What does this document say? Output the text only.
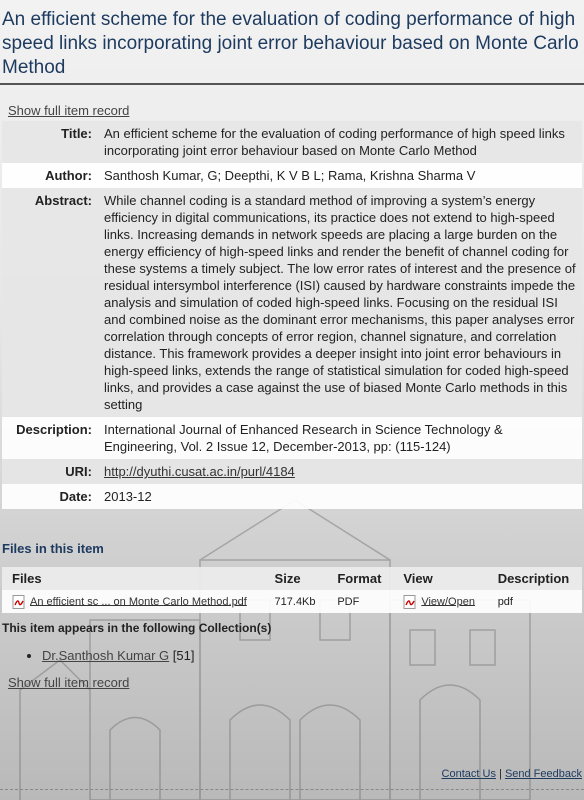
An efficient scheme for the evaluation of coding performance of high speed links incorporating joint error behaviour based on Monte Carlo Method
Show full item record
Title:	An efficient scheme for the evaluation of coding performance of high speed links incorporating joint error behaviour based on Monte Carlo Method
Author:	Santhosh Kumar, G; Deepthi, K V B L; Rama, Krishna Sharma V
Abstract:	While channel coding is a standard method of improving a system’s energy efficiency in digital communications, its practice does not extend to high-speed links. Increasing demands in network speeds are placing a large burden on the energy efficiency of high-speed links and render the benefit of channel coding for these systems a timely subject. The low error rates of interest and the presence of residual intersymbol interference (ISI) caused by hardware constraints impede the analysis and simulation of coded high-speed links. Focusing on the residual ISI and combined noise as the dominant error mechanisms, this paper analyses error correlation through concepts of error region, channel signature, and correlation distance. This framework provides a deeper insight into joint error behaviours in high-speed links, extends the range of statistical simulation for coded high-speed links, and provides a case against the use of biased Monte Carlo methods in this setting
Description:	International Journal of Enhanced Research in Science Technology & Engineering, Vol. 2 Issue 12, December-2013, pp: (115-124)
URI:	http://dyuthi.cusat.ac.in/purl/4184
Date:	2013-12
Files in this item
Files	Size	Format	View	Description
An efficient sc ... on Monte Carlo Method.pdf	717.4Kb	PDF	View/Open	pdf
This item appears in the following Collection(s)
• Dr.Santhosh Kumar G [51]
Show full item record
Contact Us | Send Feedback
